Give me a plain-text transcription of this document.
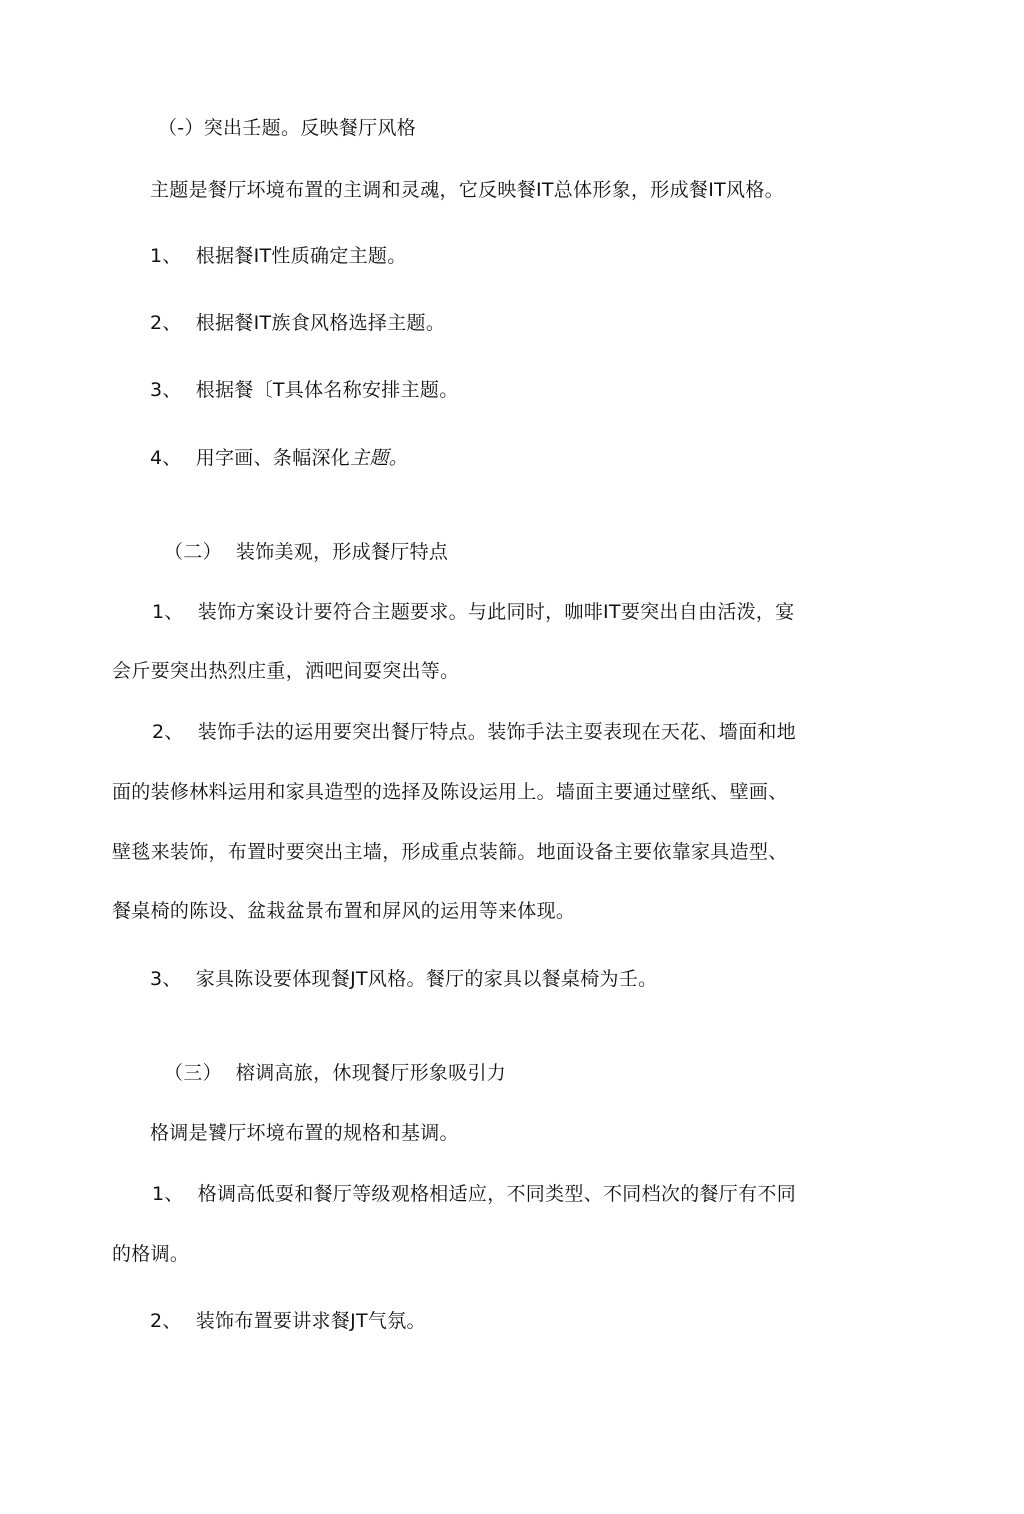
（-）突出壬题。反映餐厅风格
主题是餐厅坏境布置的主调和灵魂，它反映餐IT总体形象，形成餐IT风格。
1、 根据餐IT性质确定主题。
2、 根据餐IT族食风格选择主题。
3、 根据餐〔T具体名称安排主题。
4、 用字画、条幅深化主题。
（二） 装饰美观，形成餐厅特点
1、 装饰方案设计要符合主题要求。与此同时，咖啡IT要突出自由活泼，宴
会斤要突出热烈庄重，洒吧间耍突出等。
2、 装饰手法的运用要突出餐厅特点。装饰手法主耍表现在天花、墻面和地
面的装修林料运用和家具造型的选择及陈设运用上。墙面主要通过壁纸、壁画、
壁毯来装饰，布置时要突出主墙，形成重点装篩。地面设备主要依靠家具造型、
餐桌椅的陈设、盆栽盆景布置和屏风的运用等来体现。
3、 家具陈设要体现餐JT风格。餐厅的家具以餐桌椅为壬。
（三） 榕调高旅，休现餐厅形象吸引力
格调是饕厅坏境布置的规格和基调。
1、 格调高低耍和餐厅等级观格相适应，不同类型、不同档次的餐厅有不同
的格调。
2、 装饰布置要讲求餐JT气氛。
